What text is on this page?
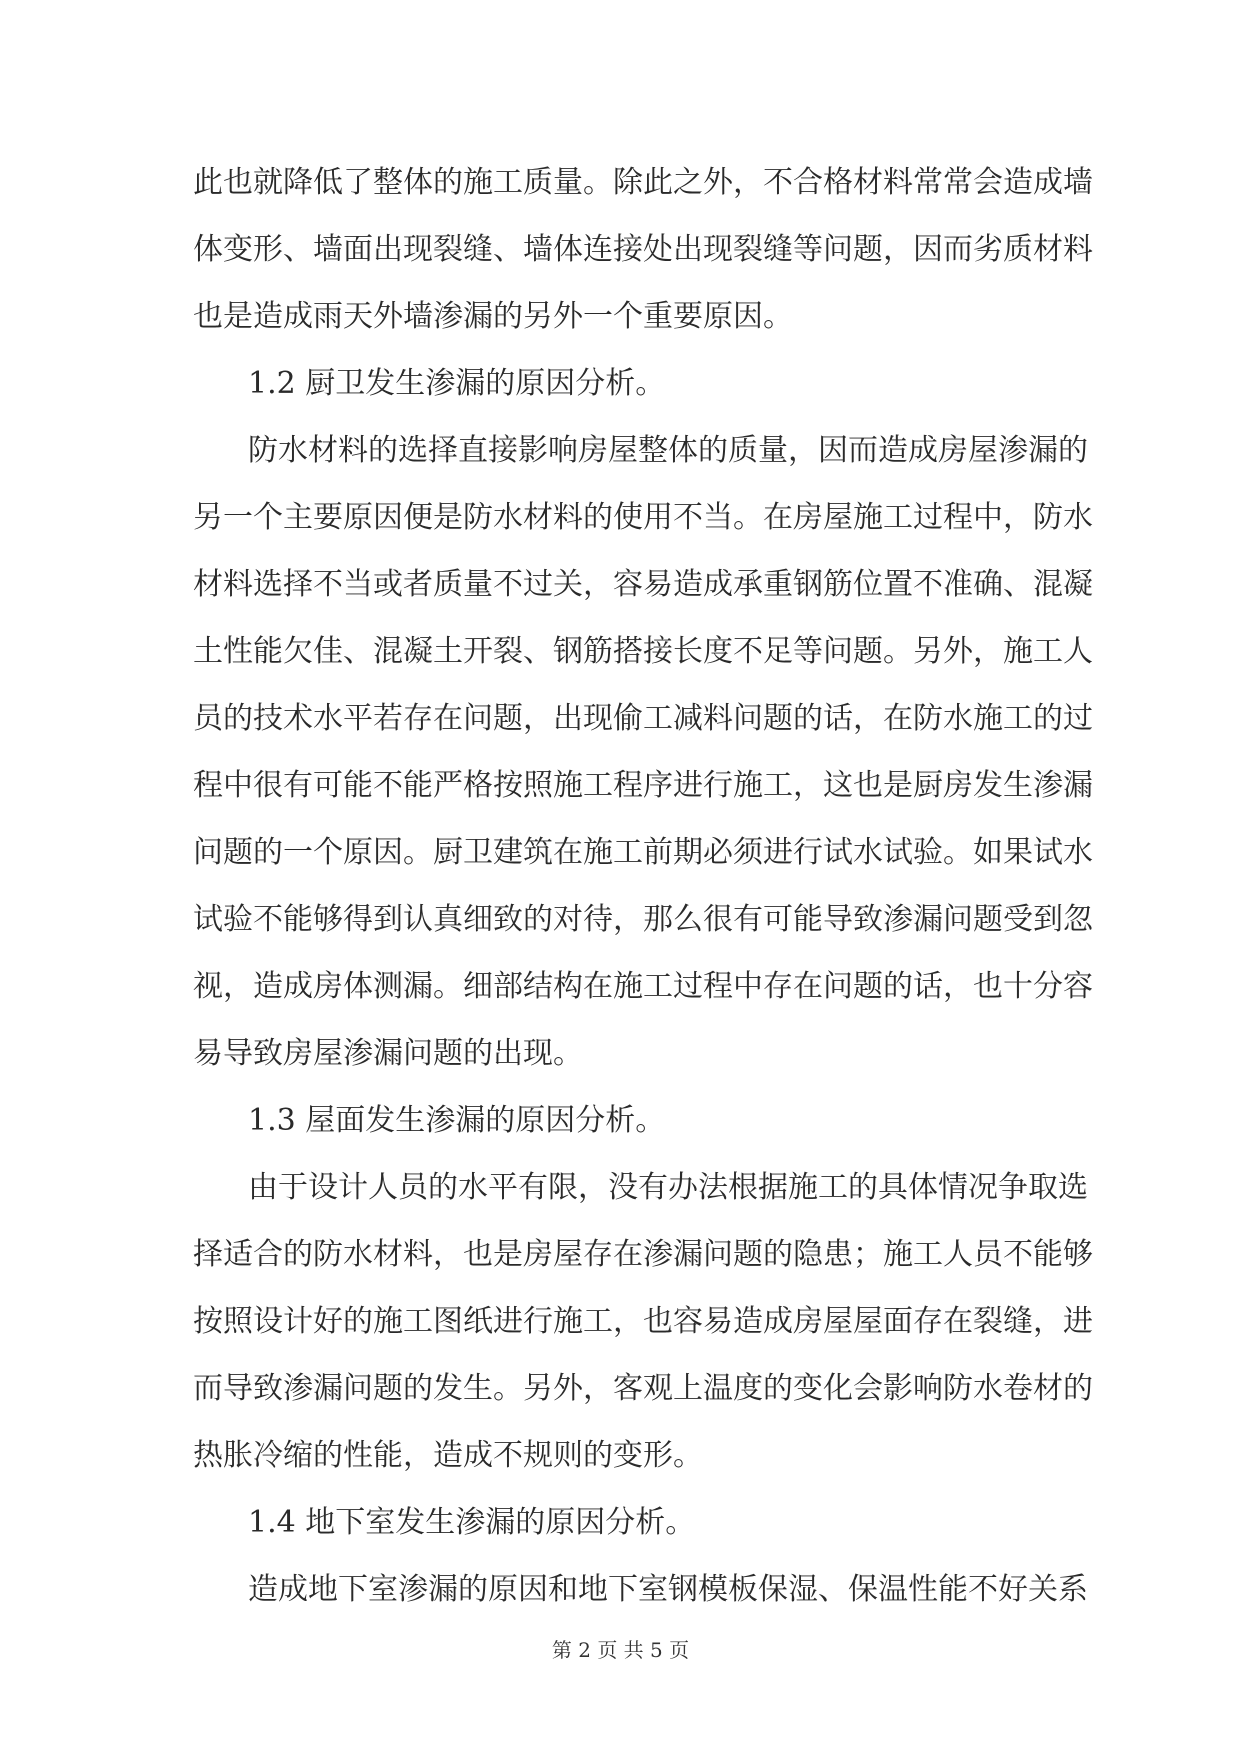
此也就降低了整体的施工质量。除此之外，不合格材料常常会造成墙
体变形、墙面出现裂缝、墙体连接处出现裂缝等问题，因而劣质材料
也是造成雨天外墙渗漏的另外一个重要原因。
1.2 厨卫发生渗漏的原因分析。
防水材料的选择直接影响房屋整体的质量，因而造成房屋渗漏的
另一个主要原因便是防水材料的使用不当。在房屋施工过程中，防水
材料选择不当或者质量不过关，容易造成承重钢筋位置不准确、混凝
土性能欠佳、混凝土开裂、钢筋搭接长度不足等问题。另外，施工人
员的技术水平若存在问题，出现偷工减料问题的话，在防水施工的过
程中很有可能不能严格按照施工程序进行施工，这也是厨房发生渗漏
问题的一个原因。厨卫建筑在施工前期必须进行试水试验。如果试水
试验不能够得到认真细致的对待，那么很有可能导致渗漏问题受到忽
视，造成房体测漏。细部结构在施工过程中存在问题的话，也十分容
易导致房屋渗漏问题的出现。
1.3 屋面发生渗漏的原因分析。
由于设计人员的水平有限，没有办法根据施工的具体情况争取选
择适合的防水材料，也是房屋存在渗漏问题的隐患；施工人员不能够
按照设计好的施工图纸进行施工，也容易造成房屋屋面存在裂缝，进
而导致渗漏问题的发生。另外，客观上温度的变化会影响防水卷材的
热胀冷缩的性能，造成不规则的变形。
1.4 地下室发生渗漏的原因分析。
造成地下室渗漏的原因和地下室钢模板保湿、保温性能不好关系
第 2 页 共 5 页
